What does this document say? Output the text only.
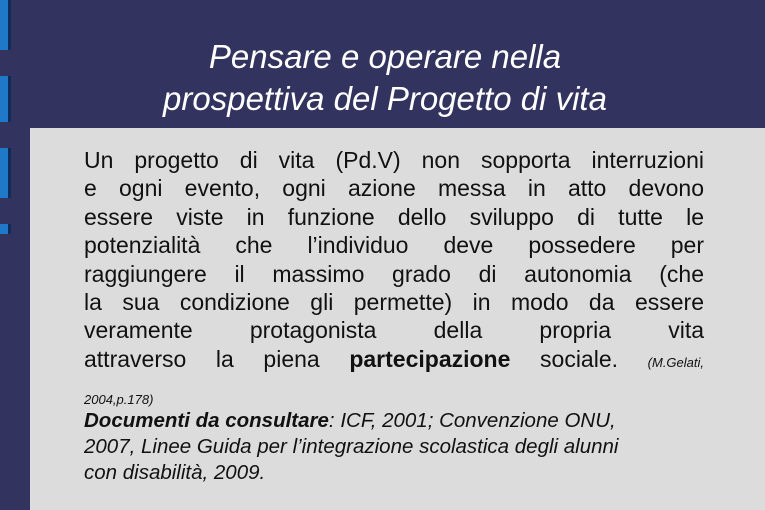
Pensare e operare nella
prospettiva del Progetto di vita
Un progetto di vita (Pd.V) non sopporta interruzioni
e ogni evento, ogni azione messa in atto devono
essere viste in funzione dello sviluppo di tutte le
potenzialità che l’individuo deve possedere per
raggiungere il massimo grado di autonomia (che
la sua condizione gli permette) in modo da essere
veramente protagonista della propria vita
attraverso la piena partecipazione sociale. (M.Gelati,
2004,p.178)
Documenti da consultare: ICF, 2001; Convenzione ONU,
2007, Linee Guida per l’integrazione scolastica degli alunni
con disabilità, 2009.
